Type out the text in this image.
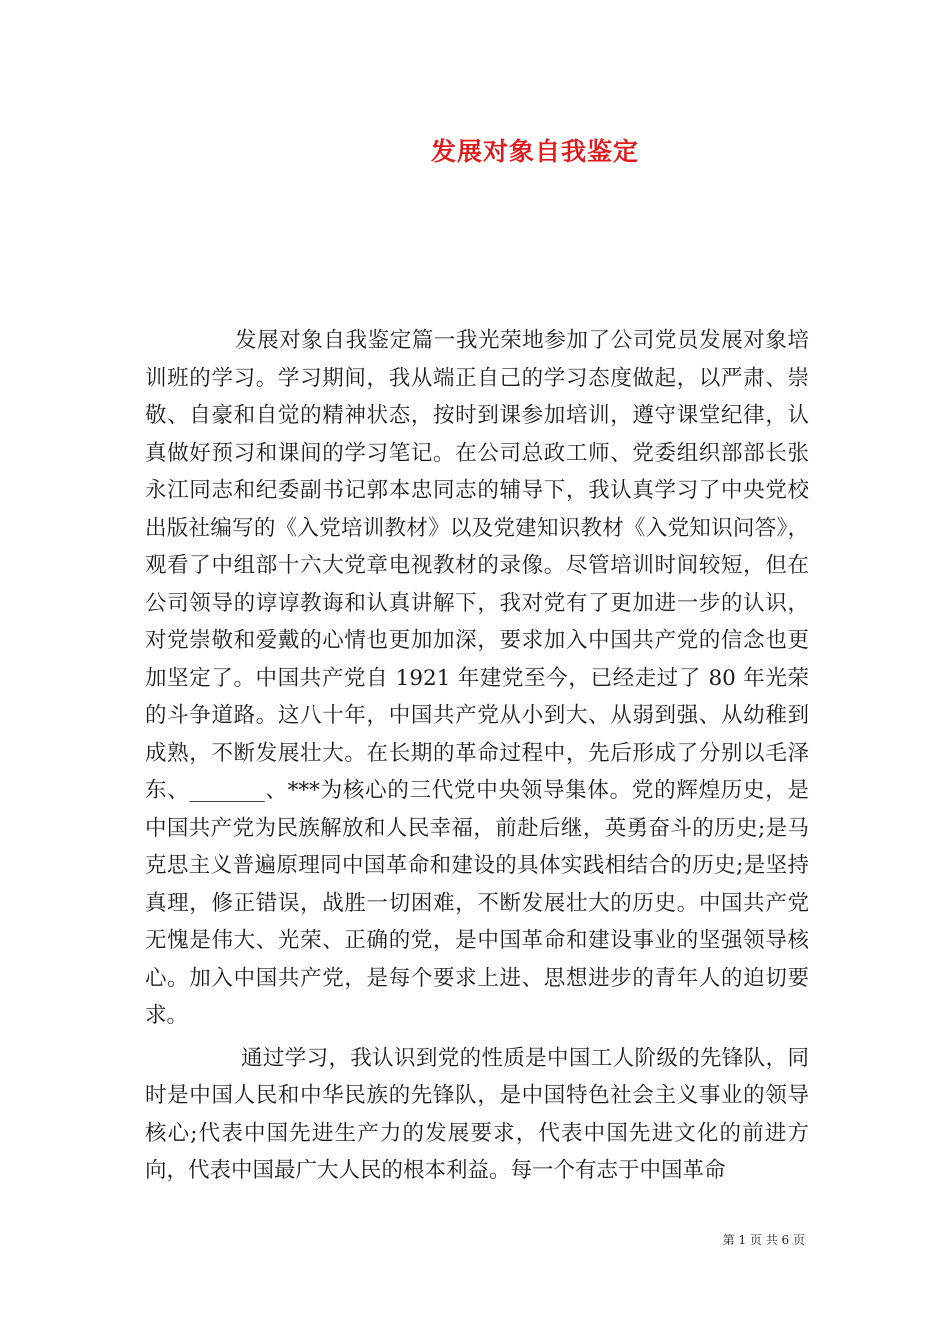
发展对象自我鉴定

发展对象自我鉴定篇一我光荣地参加了公司党员发展对象培训班的学习。学习期间，我从端正自己的学习态度做起，以严肃、崇敬、自豪和自觉的精神状态，按时到课参加培训，遵守课堂纪律，认真做好预习和课间的学习笔记。在公司总政工师、党委组织部部长张永江同志和纪委副书记郭本忠同志的辅导下，我认真学习了中央党校出版社编写的《入党培训教材》以及党建知识教材《入党知识问答》，观看了中组部十六大党章电视教材的录像。尽管培训时间较短，但在公司领导的谆谆教诲和认真讲解下，我对党有了更加进一步的认识，对党崇敬和爱戴的心情也更加加深，要求加入中国共产党的信念也更加坚定了。中国共产党自 1921 年建党至今，已经走过了 80 年光荣的斗争道路。这八十年，中国共产党从小到大、从弱到强、从幼稚到成熟，不断发展壮大。在长期的革命过程中，先后形成了分别以毛泽东、_______、***为核心的三代党中央领导集体。党的辉煌历史，是中国共产党为民族解放和人民幸福，前赴后继，英勇奋斗的历史;是马克思主义普遍原理同中国革命和建设的具体实践相结合的历史;是坚持真理，修正错误，战胜一切困难，不断发展壮大的历史。中国共产党无愧是伟大、光荣、正确的党，是中国革命和建设事业的坚强领导核心。加入中国共产党，是每个要求上进、思想进步的青年人的迫切要求。

通过学习，我认识到党的性质是中国工人阶级的先锋队，同时是中国人民和中华民族的先锋队，是中国特色社会主义事业的领导核心;代表中国先进生产力的发展要求，代表中国先进文化的前进方向，代表中国最广大人民的根本利益。每一个有志于中国革命

第 1 页 共 6 页
